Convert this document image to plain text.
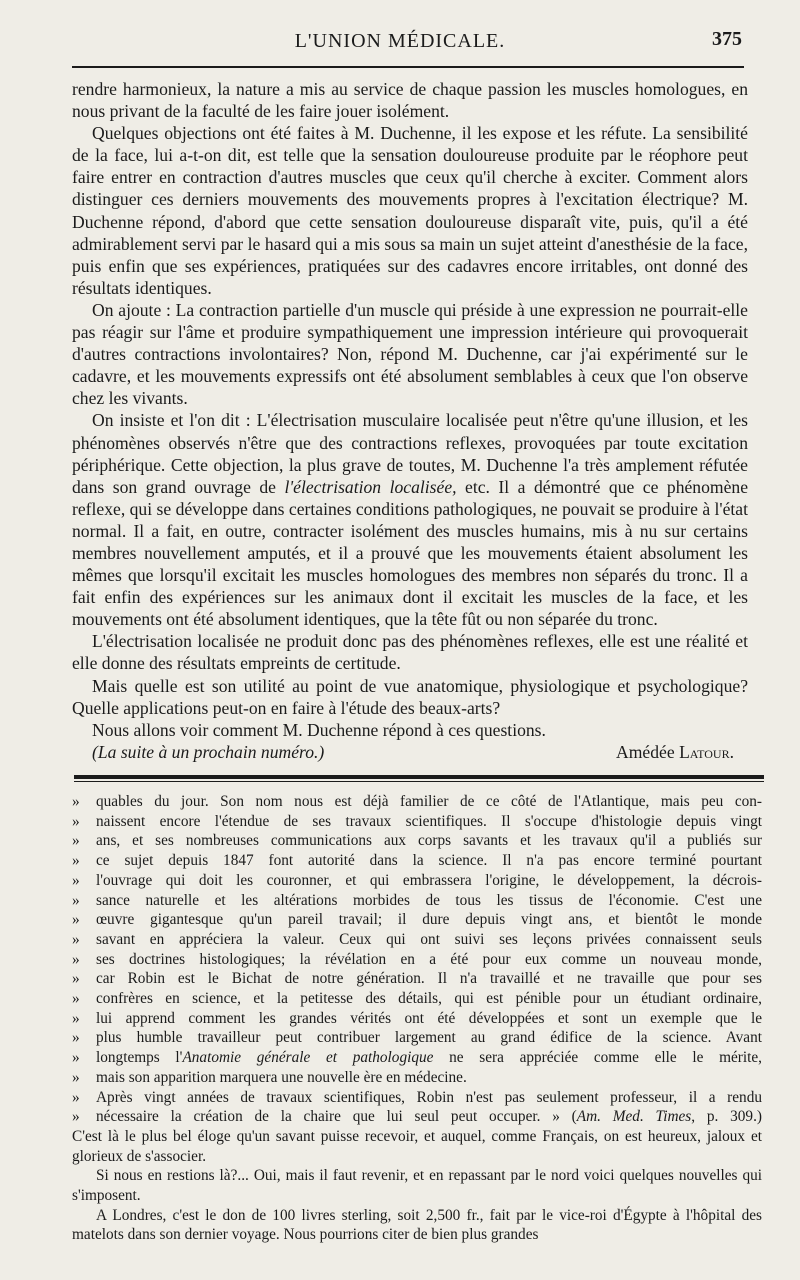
L'UNION MÉDICALE.	375

rendre harmonieux, la nature a mis au service de chaque passion les muscles homologues, en nous privant de la faculté de les faire jouer isolément.

Quelques objections ont été faites à M. Duchenne, il les expose et les réfute. La sensibilité de la face, lui a-t-on dit, est telle que la sensation douloureuse produite par le réophore peut faire entrer en contraction d'autres muscles que ceux qu'il cherche à exciter. Comment alors distinguer ces derniers mouvements des mouvements propres à l'excitation électrique? M. Duchenne répond, d'abord que cette sensation douloureuse disparaît vite, puis, qu'il a été admirablement servi par le hasard qui a mis sous sa main un sujet atteint d'anesthésie de la face, puis enfin que ses expériences, pratiquées sur des cadavres encore irritables, ont donné des résultats identiques.

On ajoute : La contraction partielle d'un muscle qui préside à une expression ne pourrait-elle pas réagir sur l'âme et produire sympathiquement une impression intérieure qui provoquerait d'autres contractions involontaires? Non, répond M. Duchenne, car j'ai expérimenté sur le cadavre, et les mouvements expressifs ont été absolument semblables à ceux que l'on observe chez les vivants.

On insiste et l'on dit : L'électrisation musculaire localisée peut n'être qu'une illusion, et les phénomènes observés n'être que des contractions reflexes, provoquées par toute excitation périphérique. Cette objection, la plus grave de toutes, M. Duchenne l'a très amplement réfutée dans son grand ouvrage de l'électrisation localisée, etc. Il a démontré que ce phénomène reflexe, qui se développe dans certaines conditions pathologiques, ne pouvait se produire à l'état normal. Il a fait, en outre, contracter isolément des muscles humains, mis à nu sur certains membres nouvellement amputés, et il a prouvé que les mouvements étaient absolument les mêmes que lorsqu'il excitait les muscles homologues des membres non séparés du tronc. Il a fait enfin des expériences sur les animaux dont il excitait les muscles de la face, et les mouvements ont été absolument identiques, que la tête fût ou non séparée du tronc.

L'électrisation localisée ne produit donc pas des phénomènes reflexes, elle est une réalité et elle donne des résultats empreints de certitude.

Mais quelle est son utilité au point de vue anatomique, physiologique et psychologique? Quelle applications peut-on en faire à l'étude des beaux-arts?

Nous allons voir comment M. Duchenne répond à ces questions.

(La suite à un prochain numéro.)	Amédée Latour.
»	quables du jour. Son nom nous est déjà familier de ce côté de l'Atlantique, mais peu con-
»	naissent encore l'étendue de ses travaux scientifiques. Il s'occupe d'histologie depuis vingt
»	ans, et ses nombreuses communications aux corps savants et les travaux qu'il a publiés sur
»	ce sujet depuis 1847 font autorité dans la science. Il n'a pas encore terminé pourtant
»	l'ouvrage qui doit les couronner, et qui embrassera l'origine, le développement, la décrois-
»	sance naturelle et les altérations morbides de tous les tissus de l'économie. C'est une
»	œuvre gigantesque qu'un pareil travail; il dure depuis vingt ans, et bientôt le monde
»	savant en appréciera la valeur. Ceux qui ont suivi ses leçons privées connaissent seuls
»	ses doctrines histologiques; la révélation en a été pour eux comme un nouveau monde,
»	car Robin est le Bichat de notre génération. Il n'a travaillé et ne travaille que pour ses
»	confrères en science, et la petitesse des détails, qui est pénible pour un étudiant ordinaire,
»	lui apprend comment les grandes vérités ont été développées et sont un exemple que le
»	plus humble travailleur peut contribuer largement au grand édifice de la science. Avant
»	longtemps l'Anatomie générale et pathologique ne sera appréciée comme elle le mérite,
»	mais son apparition marquera une nouvelle ère en médecine.
»	Après vingt années de travaux scientifiques, Robin n'est pas seulement professeur, il a rendu
»	nécessaire la création de la chaire que lui seul peut occuper. » (Am. Med. Times, p. 309.)

C'est là le plus bel éloge qu'un savant puisse recevoir, et auquel, comme Français, on est heureux, jaloux et glorieux de s'associer.

Si nous en restions là?... Oui, mais il faut revenir, et en repassant par le nord voici quelques nouvelles qui s'imposent.

A Londres, c'est le don de 100 livres sterling, soit 2,500 fr., fait par le vice-roi d'Égypte à l'hôpital des matelots dans son dernier voyage. Nous pourrions citer de bien plus grandes
